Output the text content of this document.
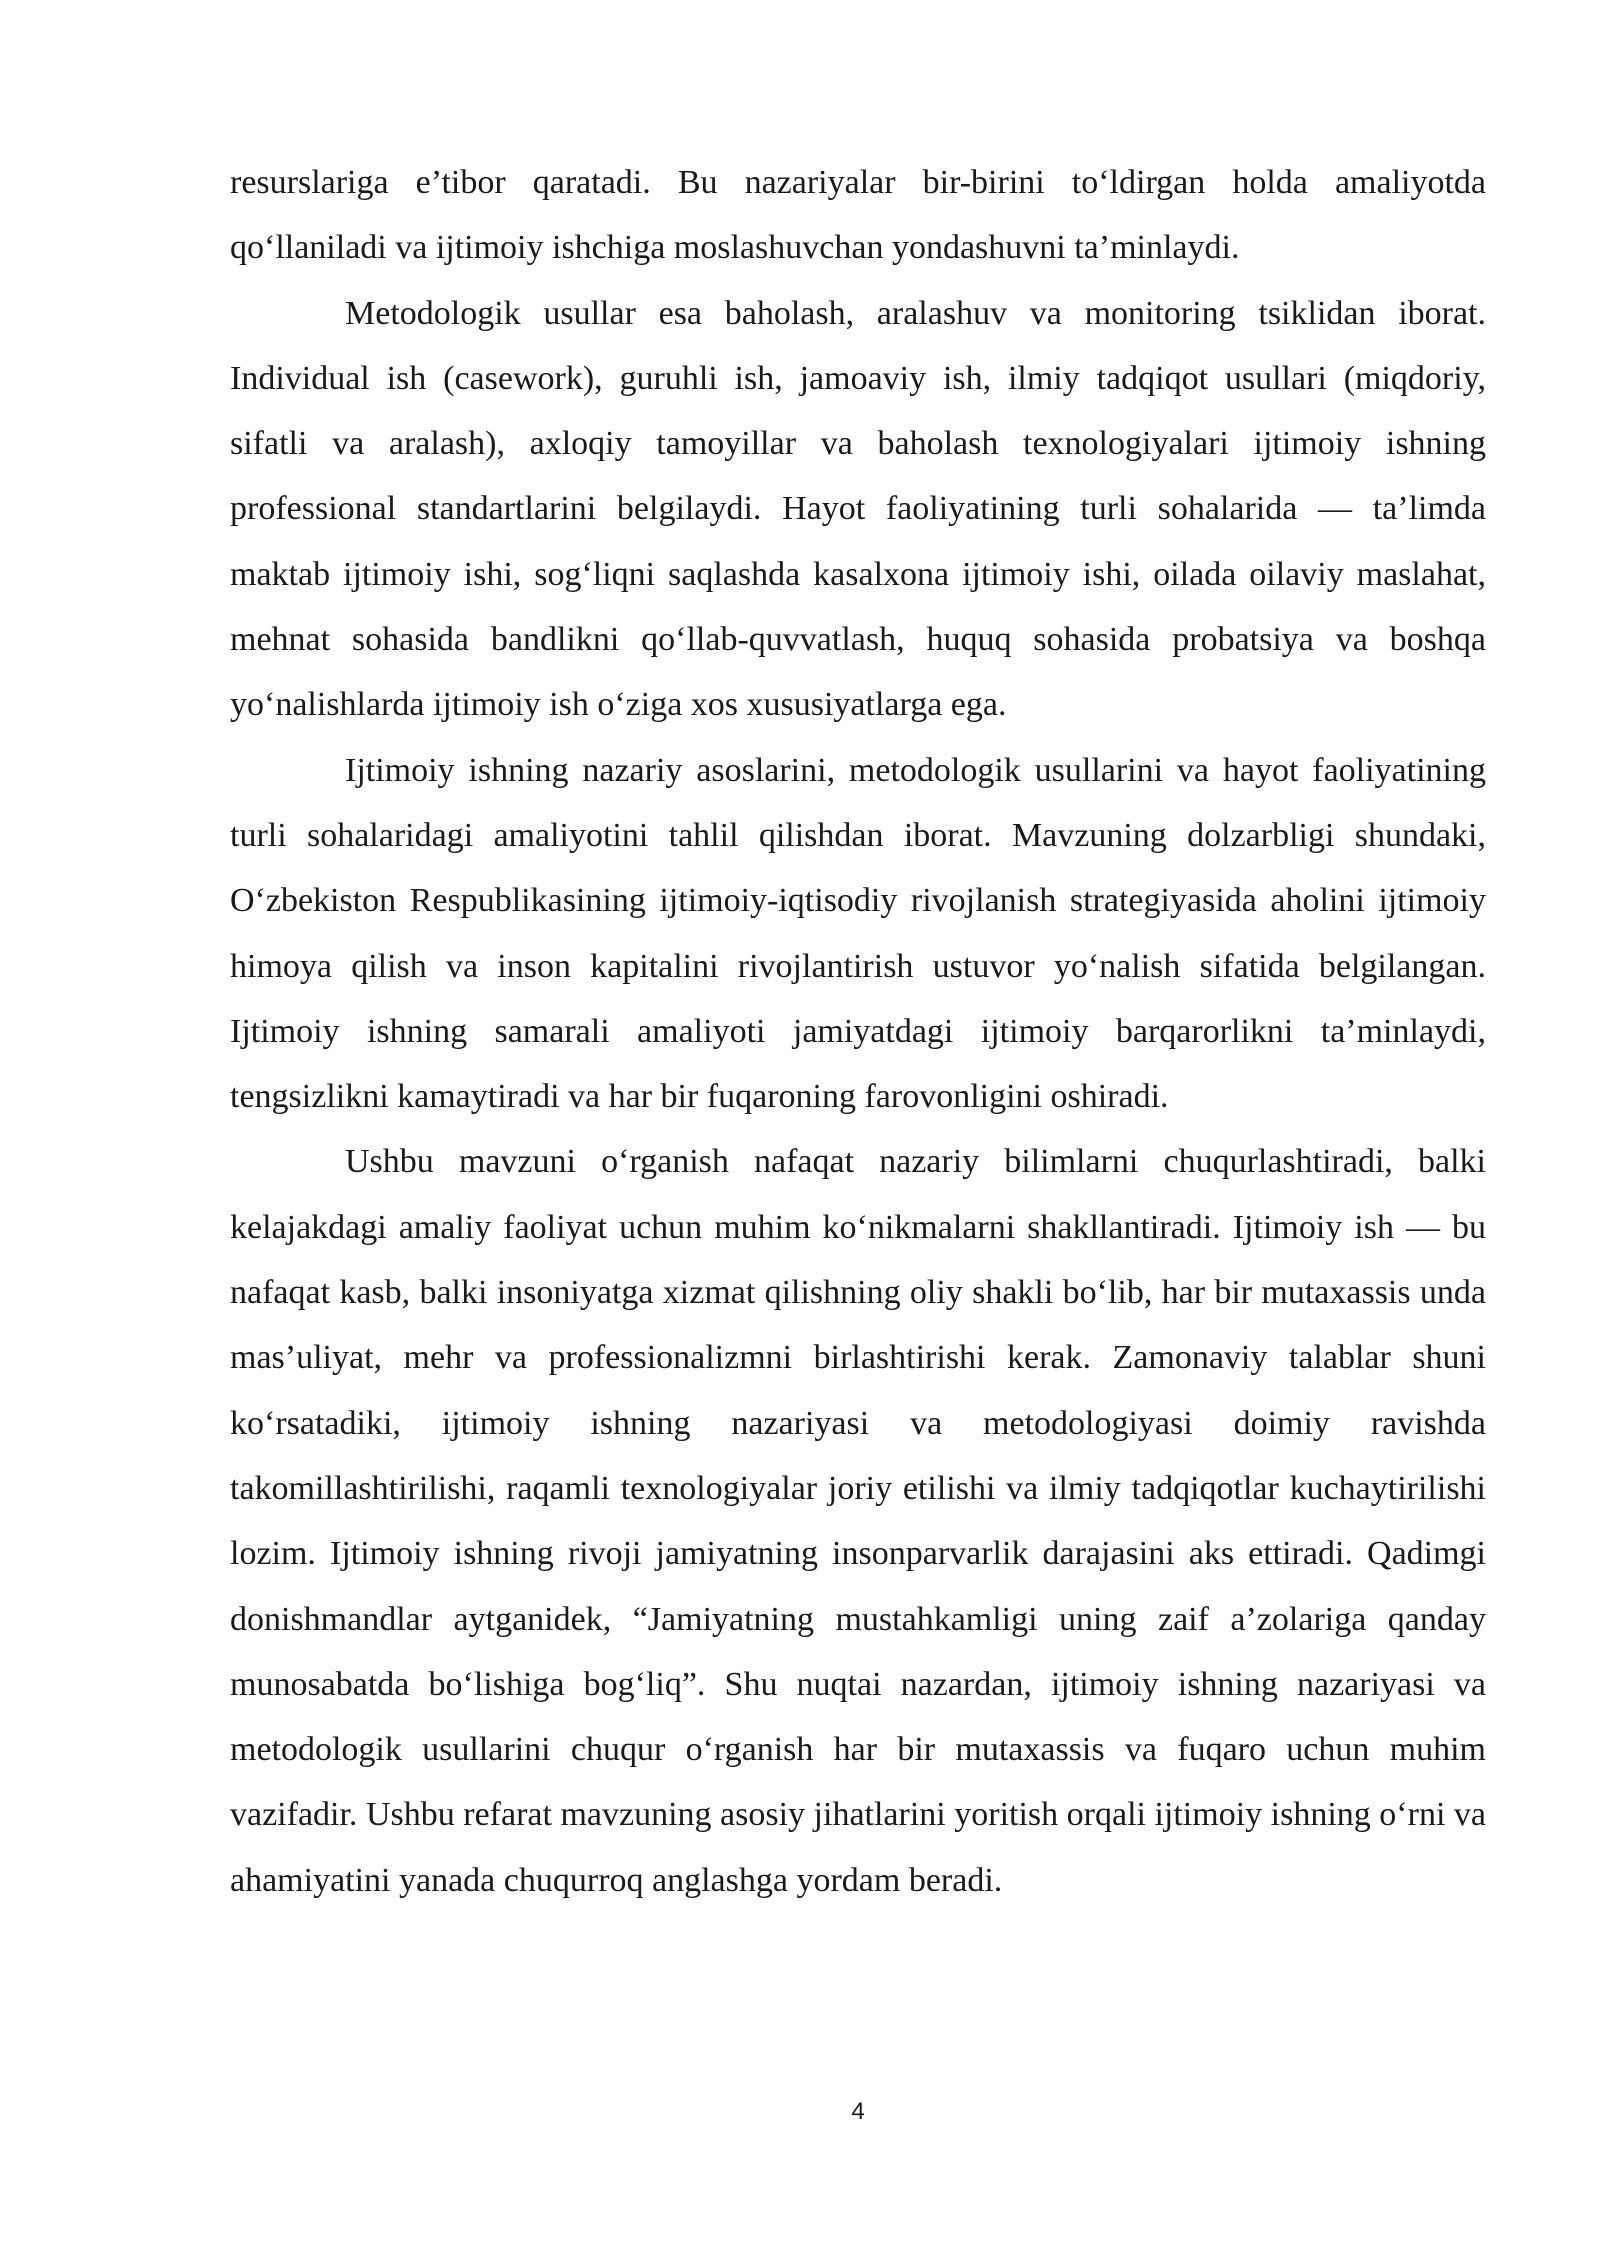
resurslariga e’tibor qaratadi. Bu nazariyalar bir-birini to‘ldirgan holda amaliyotda qo‘llaniladi va ijtimoiy ishchiga moslashuvchan yondashuvni ta’minlaydi.

Metodologik usullar esa baholash, aralashuv va monitoring tsiklidan iborat. Individual ish (casework), guruhli ish, jamoaviy ish, ilmiy tadqiqot usullari (miqdoriy, sifatli va aralash), axloqiy tamoyillar va baholash texnologiyalari ijtimoiy ishning professional standartlarini belgilaydi. Hayot faoliyatining turli sohalarida — ta’limda maktab ijtimoiy ishi, sog‘liqni saqlashda kasalxona ijtimoiy ishi, oilada oilaviy maslahat, mehnat sohasida bandlikni qo‘llab-quvvatlash, huquq sohasida probatsiya va boshqa yo‘nalishlarda ijtimoiy ish o‘ziga xos xususiyatlarga ega.

Ijtimoiy ishning nazariy asoslarini, metodologik usullarini va hayot faoliyatining turli sohalaridagi amaliyotini tahlil qilishdan iborat. Mavzuning dolzarbligi shundaki, O‘zbekiston Respublikasining ijtimoiy-iqtisodiy rivojlanish strategiyasida aholini ijtimoiy himoya qilish va inson kapitalini rivojlantirish ustuvor yo‘nalish sifatida belgilangan. Ijtimoiy ishning samarali amaliyoti jamiyatdagi ijtimoiy barqarorlikni ta’minlaydi, tengsizlikni kamaytiradi va har bir fuqaroning farovonligini oshiradi.

Ushbu mavzuni o‘rganish nafaqat nazariy bilimlarni chuqurlashtiradi, balki kelajakdagi amaliy faoliyat uchun muhim ko‘nikmalarni shakllantiradi. Ijtimoiy ish — bu nafaqat kasb, balki insoniyatga xizmat qilishning oliy shakli bo‘lib, har bir mutaxassis unda mas’uliyat, mehr va professionalizmni birlashtirishi kerak. Zamonaviy talablar shuni ko‘rsatadiki, ijtimoiy ishning nazariyasi va metodologiyasi doimiy ravishda takomillashtirilishi, raqamli texnologiyalar joriy etilishi va ilmiy tadqiqotlar kuchaytirilishi lozim. Ijtimoiy ishning rivoji jamiyatning insonparvarlik darajasini aks ettiradi. Qadimgi donishmandlar aytganidek, “Jamiyatning mustahkamligi uning zaif a’zolariga qanday munosabatda bo‘lishiga bog‘liq”. Shu nuqtai nazardan, ijtimoiy ishning nazariyasi va metodologik usullarini chuqur o‘rganish har bir mutaxassis va fuqaro uchun muhim vazifadir. Ushbu refarat mavzuning asosiy jihatlarini yoritish orqali ijtimoiy ishning o‘rni va ahamiyatini yanada chuqurroq anglashga yordam beradi.

4
